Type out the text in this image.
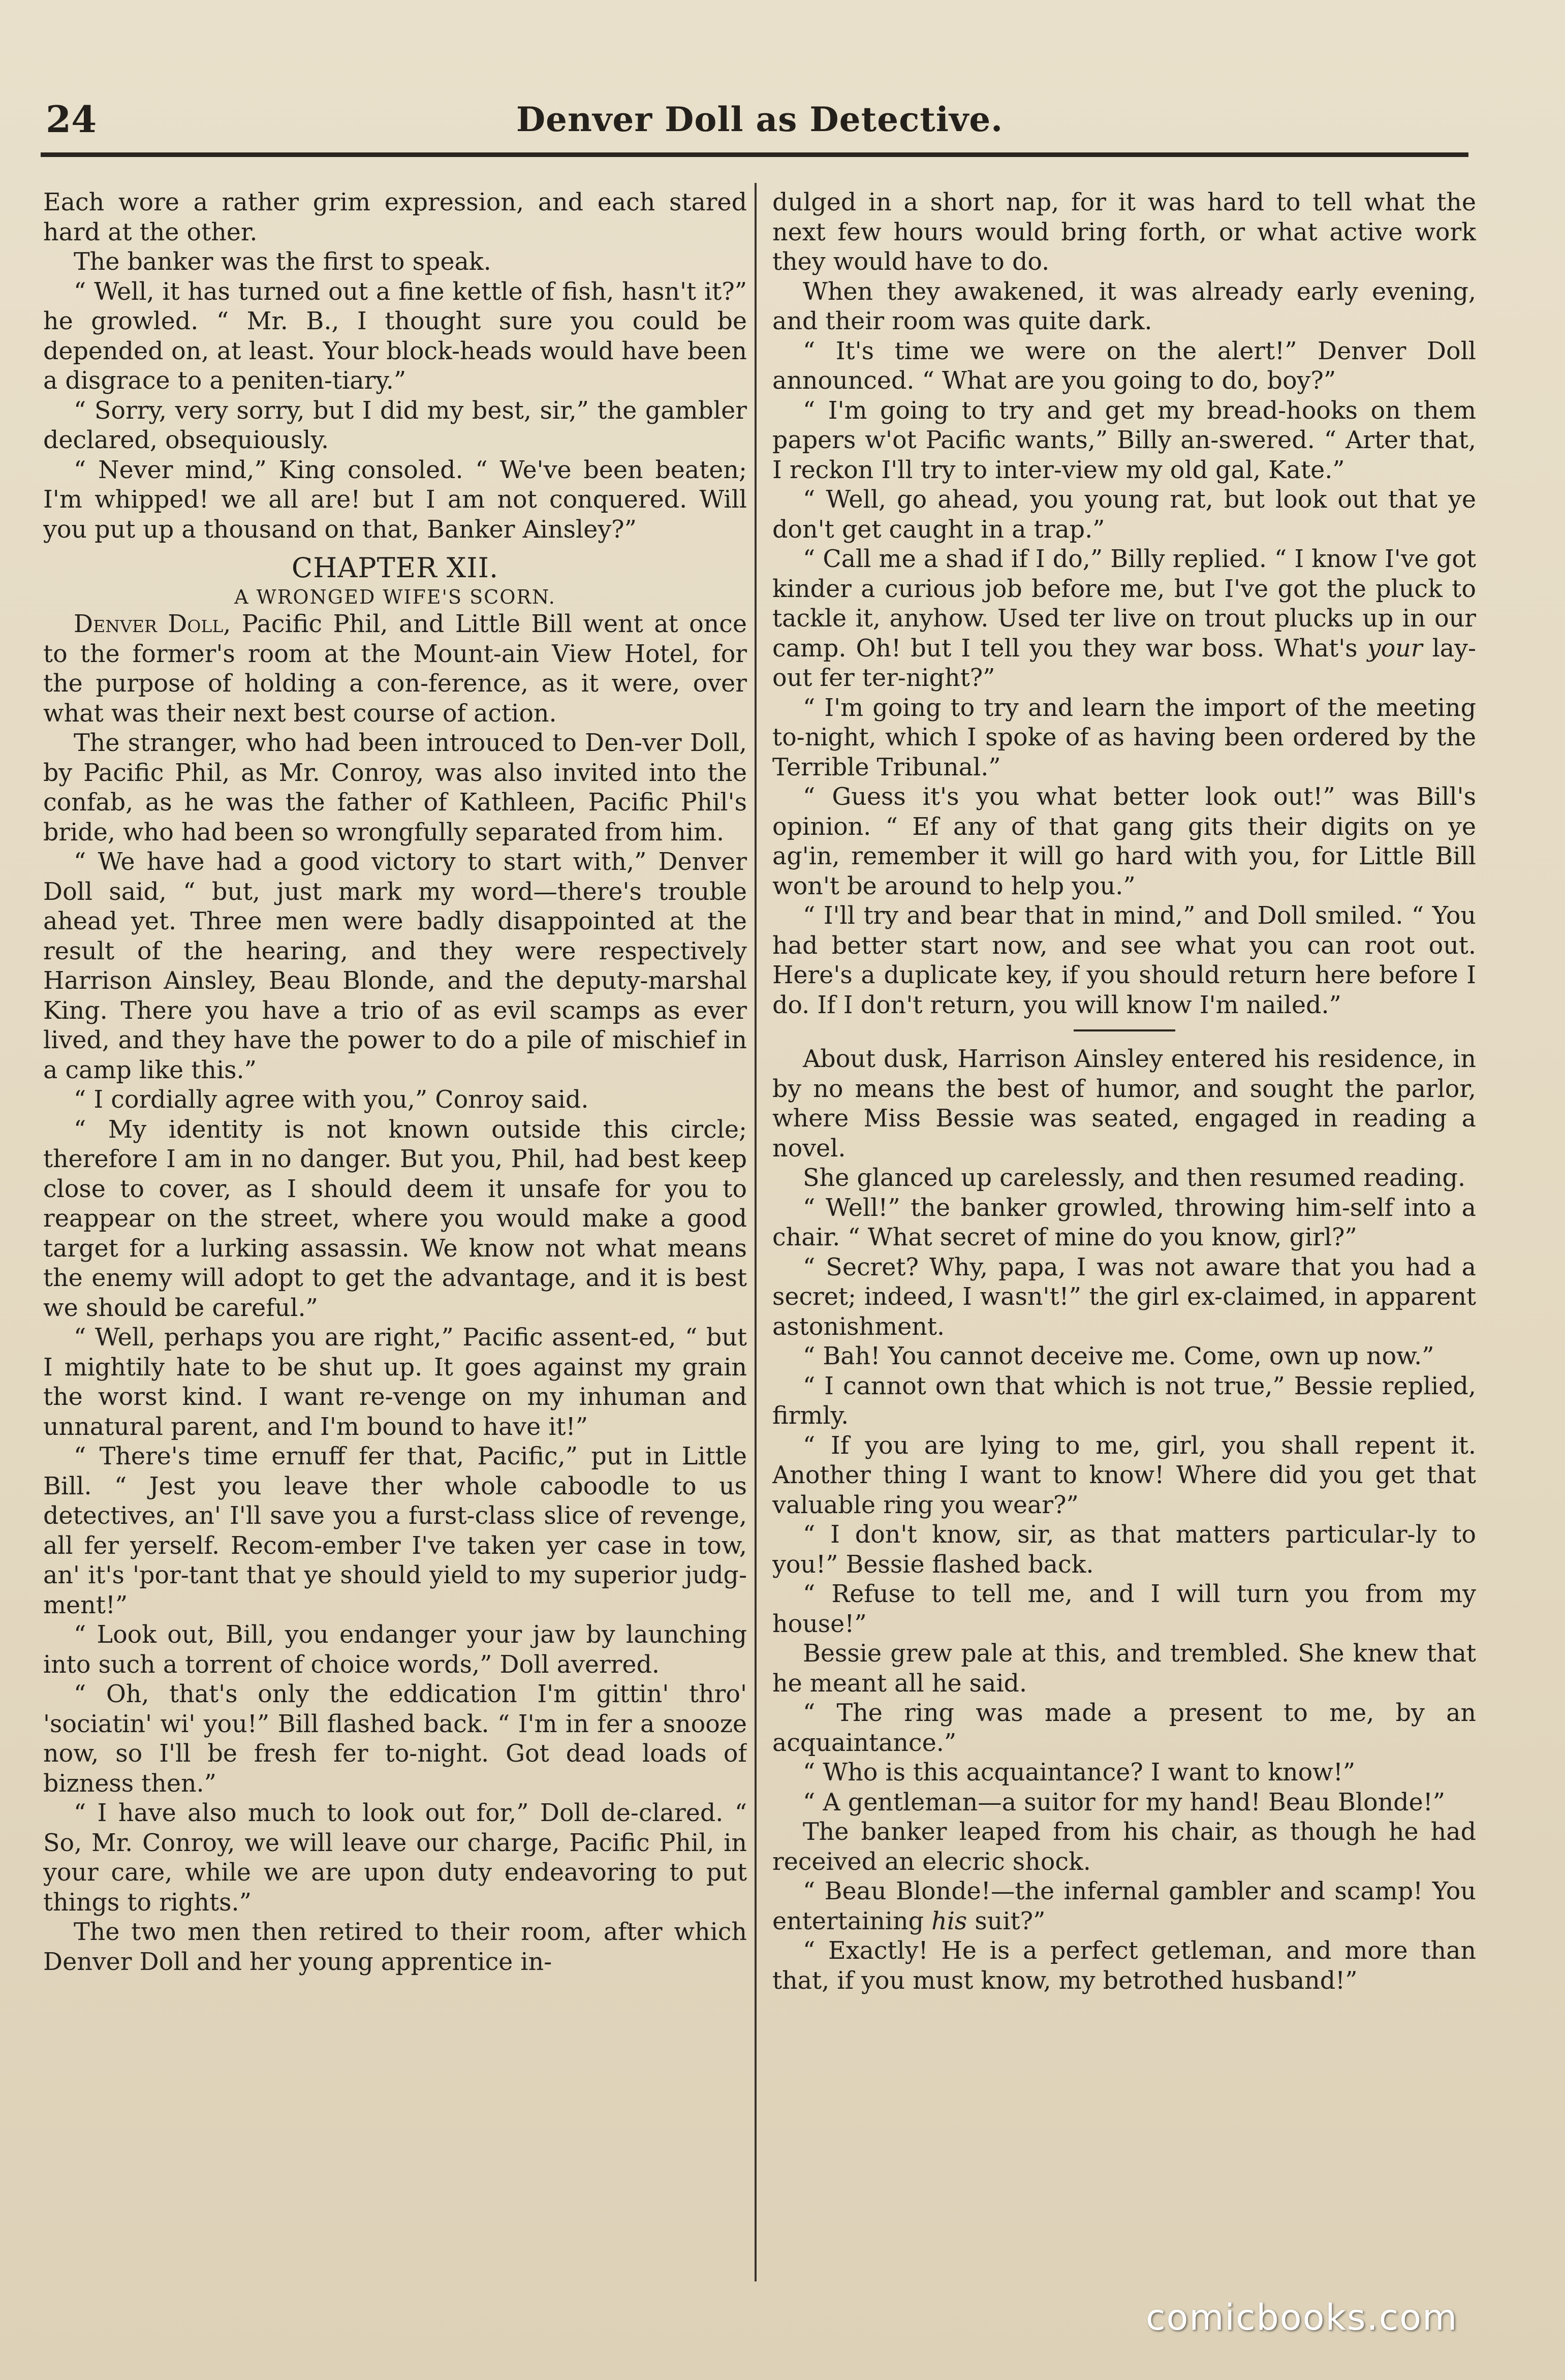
24	Denver Doll as Detective.

Each wore a rather grim expression, and each stared hard at the other.

The banker was the first to speak.

“ Well, it has turned out a fine kettle of fish, hasn't it?” he growled. “ Mr. B., I thought sure you could be depended on, at least. Your block-heads would have been a disgrace to a peniten-tiary.”

“ Sorry, very sorry, but I did my best, sir,” the gambler declared, obsequiously.

“ Never mind,” King consoled. “ We've been beaten; I'm whipped! we all are! but I am not conquered. Will you put up a thousand on that, Banker Ainsley?”

CHAPTER XII.
A WRONGED WIFE'S SCORN.

Denver Doll, Pacific Phil, and Little Bill went at once to the former's room at the Mount-ain View Hotel, for the purpose of holding a con-ference, as it were, over what was their next best course of action.

The stranger, who had been introuced to Den-ver Doll, by Pacific Phil, as Mr. Conroy, was also invited into the confab, as he was the father of Kathleen, Pacific Phil's bride, who had been so wrongfully separated from him.

“ We have had a good victory to start with,” Denver Doll said, “ but, just mark my word—there's trouble ahead yet. Three men were badly disappointed at the result of the hearing, and they were respectively Harrison Ainsley, Beau Blonde, and the deputy-marshal King. There you have a trio of as evil scamps as ever lived, and they have the power to do a pile of mischief in a camp like this.”

“ I cordially agree with you,” Conroy said.

“ My identity is not known outside this circle; therefore I am in no danger. But you, Phil, had best keep close to cover, as I should deem it unsafe for you to reappear on the street, where you would make a good target for a lurking assassin. We know not what means the enemy will adopt to get the advantage, and it is best we should be careful.”

“ Well, perhaps you are right,” Pacific assent-ed, “ but I mightily hate to be shut up. It goes against my grain the worst kind. I want re-venge on my inhuman and unnatural parent, and I'm bound to have it!”

“ There's time ernuff fer that, Pacific,” put in Little Bill. “ Jest you leave ther whole caboodle to us detectives, an' I'll save you a furst-class slice of revenge, all fer yerself. Recom-ember I've taken yer case in tow, an' it's 'por-tant that ye should yield to my superior judg-ment!”

“ Look out, Bill, you endanger your jaw by launching into such a torrent of choice words,” Doll averred.

“ Oh, that's only the eddication I'm gittin' thro' 'sociatin' wi' you!” Bill flashed back. “ I'm in fer a snooze now, so I'll be fresh fer to-night. Got dead loads of bizness then.”

“ I have also much to look out for,” Doll de-clared. “ So, Mr. Conroy, we will leave our charge, Pacific Phil, in your care, while we are upon duty endeavoring to put things to rights.”

The two men then retired to their room, after which Denver Doll and her young apprentice in-

dulged in a short nap, for it was hard to tell what the next few hours would bring forth, or what active work they would have to do.

When they awakened, it was already early evening, and their room was quite dark.

“ It's time we were on the alert!” Denver Doll announced. “ What are you going to do, boy?”

“ I'm going to try and get my bread-hooks on them papers w'ot Pacific wants,” Billy an-swered. “ Arter that, I reckon I'll try to inter-view my old gal, Kate.”

“ Well, go ahead, you young rat, but look out that ye don't get caught in a trap.”

“ Call me a shad if I do,” Billy replied. “ I know I've got kinder a curious job before me, but I've got the pluck to tackle it, anyhow. Used ter live on trout plucks up in our camp. Oh! but I tell you they war boss. What's your lay-out fer ter-night?”

“ I'm going to try and learn the import of the meeting to-night, which I spoke of as having been ordered by the Terrible Tribunal.”

“ Guess it's you what better look out!” was Bill's opinion. “ Ef any of that gang gits their digits on ye ag'in, remember it will go hard with you, for Little Bill won't be around to help you.”

“ I'll try and bear that in mind,” and Doll smiled. “ You had better start now, and see what you can root out. Here's a duplicate key, if you should return here before I do. If I don't return, you will know I'm nailed.”

About dusk, Harrison Ainsley entered his residence, in by no means the best of humor, and sought the parlor, where Miss Bessie was seated, engaged in reading a novel.

She glanced up carelessly, and then resumed reading.

“ Well!” the banker growled, throwing him-self into a chair. “ What secret of mine do you know, girl?”

“ Secret? Why, papa, I was not aware that you had a secret; indeed, I wasn't!” the girl ex-claimed, in apparent astonishment.

“ Bah! You cannot deceive me. Come, own up now.”

“ I cannot own that which is not true,” Bessie replied, firmly.

“ If you are lying to me, girl, you shall repent it. Another thing I want to know! Where did you get that valuable ring you wear?”

“ I don't know, sir, as that matters particular-ly to you!” Bessie flashed back.

“ Refuse to tell me, and I will turn you from my house!”

Bessie grew pale at this, and trembled. She knew that he meant all he said.

“ The ring was made a present to me, by an acquaintance.”

“ Who is this acquaintance? I want to know!”

“ A gentleman—a suitor for my hand! Beau Blonde!”

The banker leaped from his chair, as though he had received an elecric shock.

“ Beau Blonde!—the infernal gambler and scamp! You entertaining his suit?”

“ Exactly! He is a perfect getleman, and more than that, if you must know, my betrothed husband!”

comicbooks.com
